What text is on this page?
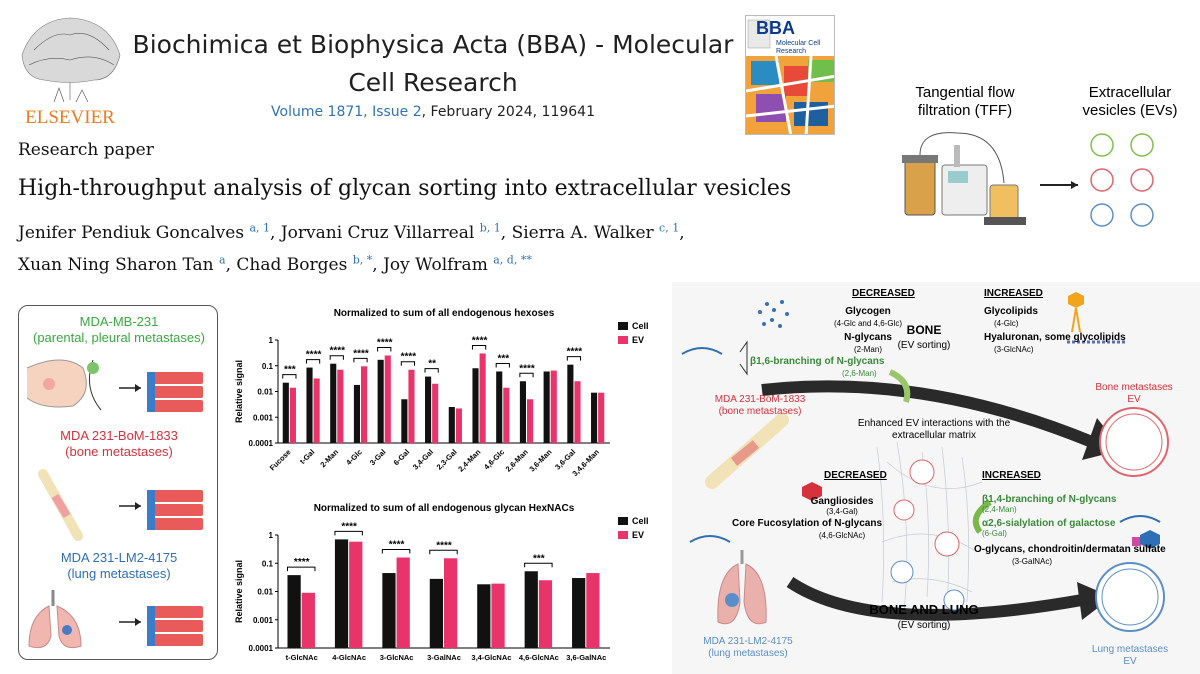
ELSEVIER
Biochimica et Biophysica Acta (BBA) - Molecular
Cell Research
Volume 1871, Issue 2, February 2024, 119641
BBA
Molecular Cell Research
Research paper
High-throughput analysis of glycan sorting into extracellular vesicles
Jenifer Pendiuk Goncalves $^{a, 1}$, Jorvani Cruz Villarreal $^{b, 1}$, Sierra A. Walker $^{c, 1}$,
Xuan Ning Sharon Tan $^a$, Chad Borges $^{b, *}$, Joy Wolfram $^{a, d, **}$
Tangential flow
filtration (TFF)
Extracellular
vesicles (EVs)
MDA-MB-231
(parental, pleural metastases)
MDA 231-BoM-1833
(bone metastases)
MDA 231-LM2-4175
(lung metastases)
Normalized to sum of all endogenous hexoses
Relative signal
0.0001
0.001
0.01
0.1
1
Fucose t-Gal 2-Man 4-Glc 3-Gal 6-Gal 3,4-Gal 2,3-Gal
2,4-Man 4,6-Glc
2,6-Man
3,6-Man 3,6-Gal
3,4,6-Man
***
**** **** ****
****
****
**
****
***
****
****
Cell
EV
Normalized to sum of all endogenous glycan HexNACs
Relative signal
0.0001
0.001
0.01
0.1
1
t-GlcNAc 4-GlcNAc 3-GlcNAc 3-GalNAc 3,4-GlcNAc 4,6-GlcNAc 3,6-GalNAc
****
****
****	****
***
Cell
EV
DECREASED
Glycogen
(4-Glc and 4,6-Glc)
N-glycans
(2-Man)
β1,6-branching of N-glycans
(2,6-Man)
BONE
(EV sorting)
INCREASED
Glycolipids
(4-Glc)
Hyaluronan, some glycolipids
(3-GlcNAc)
MDA 231-BoM-1833
(bone metastases)
Enhanced EV interactions with the
extracellular matrix
Bone metastases
EV
DECREASED
Gangliosides
(3,4-Gal)
Core Fucosylation of N-glycans
(4,6-GlcNAc)
INCREASED
β1,4-branching of N-glycans
(2,4-Man)
α2,6-sialylation of galactose
(6-Gal)
O-glycans, chondroitin/dermatan sulfate
(3-GalNAc)
BONE AND LUNG
(EV sorting)
MDA 231-LM2-4175
(lung metastases)	Lung metastases
EV
